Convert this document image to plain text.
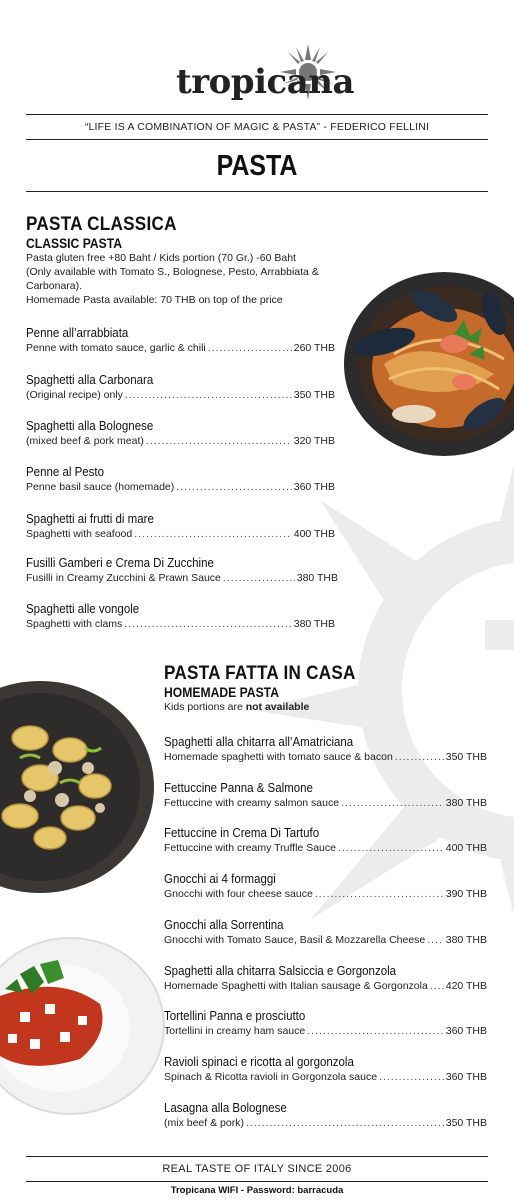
tropicana
“LIFE IS A COMBINATION OF MAGIC & PASTA” - FEDERICO FELLINI
PASTA
PASTA CLASSICA
CLASSIC PASTA
Pasta gluten free +80 Baht / Kids portion (70 Gr.) -60 Baht
(Only available with Tomato S., Bolognese, Pesto, Arrabbiata &
Carbonara).
Homemade Pasta available: 70 THB on top of the price
Penne all’arrabbiata
Penne with tomato sauce, garlic & chili .....	260 THB
Spaghetti alla Carbonara
(Original recipe) only .....	350 THB
Spaghetti alla Bolognese
(mixed beef & pork meat) .....	320 THB
Penne al Pesto
Penne basil sauce (homemade) .....	360 THB
Spaghetti ai frutti di mare
Spaghetti with seafood .....	400 THB
Fusilli Gamberi e Crema Di Zucchine
Fusilli in Creamy Zucchini & Prawn Sauce .....	380 THB
Spaghetti alle vongole
Spaghetti with clams .....	380 THB
PASTA FATTA IN CASA
HOMEMADE PASTA
Kids portions are not available
Spaghetti alla chitarra all’Amatriciana
Homemade spaghetti with tomato sauce & bacon .....	350 THB
Fettuccine Panna & Salmone
Fettuccine with creamy salmon sauce .....	380 THB
Fettuccine in Crema Di Tartufo
Fettuccine with creamy Truffle Sauce .....	400 THB
Gnocchi ai 4 formaggi
Gnocchi with four cheese sauce .....	390 THB
Gnocchi alla Sorrentina
Gnocchi with Tomato Sauce, Basil & Mozzarella Cheese ..... 380 THB
Spaghetti alla chitarra Salsiccia e Gorgonzola
Homemade Spaghetti with Italian sausage & Gorgonzola ..... 420 THB
Tortellini Panna e prosciutto
Tortellini in creamy ham sauce .....	360 THB
Ravioli spinaci e ricotta al gorgonzola
Spinach & Ricotta ravioli in Gorgonzola sauce .....	360 THB
Lasagna alla Bolognese
(mix beef & pork) .....	350 THB
REAL TASTE OF ITALY SINCE 2006
Tropicana WIFI - Password: barracuda
